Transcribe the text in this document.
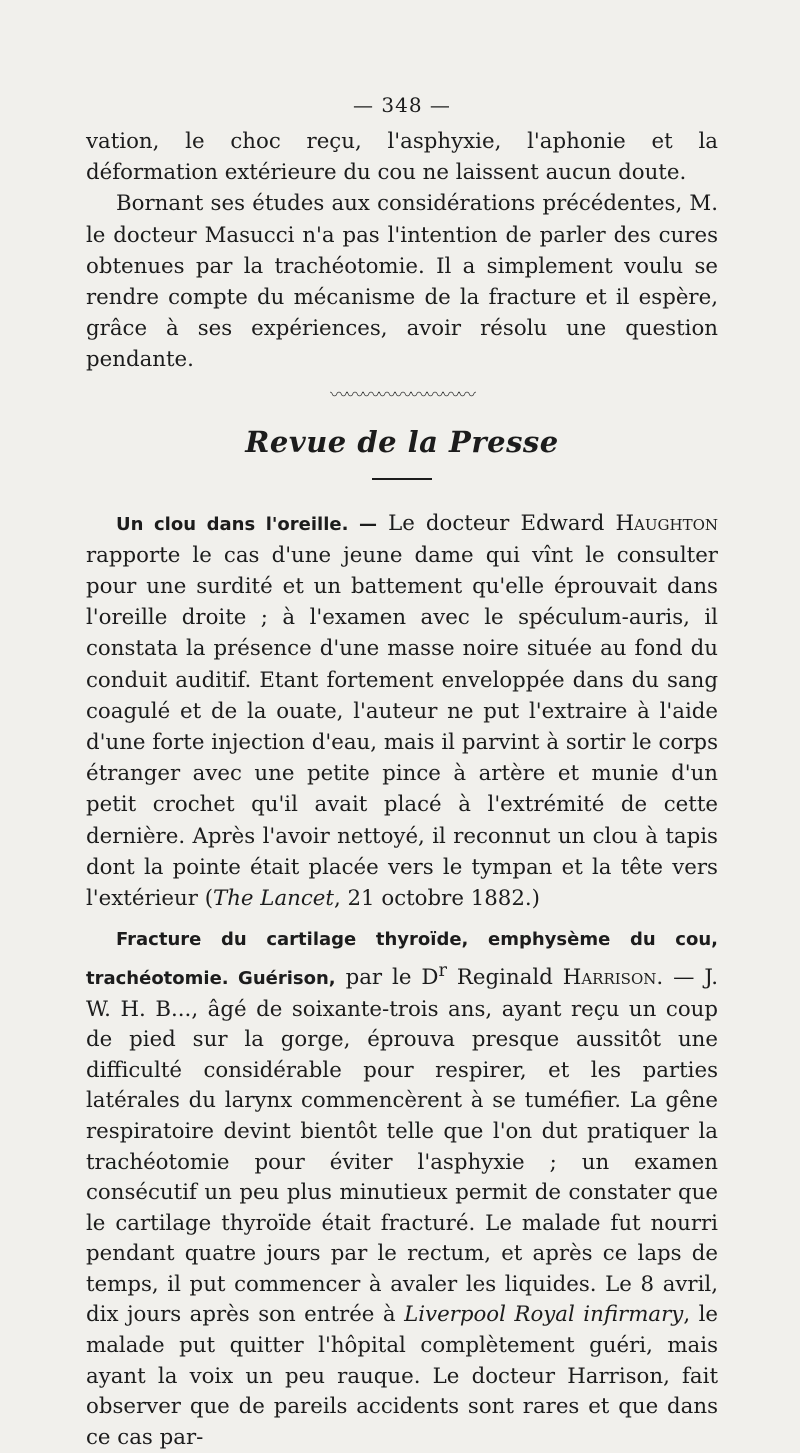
— 348 —

vation, le choc reçu, l'asphyxie, l'aphonie et la déformation extérieure du cou ne laissent aucun doute.

Bornant ses études aux considérations précédentes, M. le docteur Masucci n'a pas l'intention de parler des cures obtenues par la trachéotomie. Il a simplement voulu se rendre compte du mécanisme de la fracture et il espère, grâce à ses expériences, avoir résolu une question pendante.

〰〰〰〰〰〰〰〰〰
Revue de la Presse

Un clou dans l'oreille. — Le docteur Edward Haughton rapporte le cas d'une jeune dame qui vînt le consulter pour une surdité et un battement qu'elle éprouvait dans l'oreille droite ; à l'examen avec le spéculum-auris, il constata la présence d'une masse noire située au fond du conduit auditif. Etant fortement enveloppée dans du sang coagulé et de la ouate, l'auteur ne put l'extraire à l'aide d'une forte injection d'eau, mais il parvint à sortir le corps étranger avec une petite pince à artère et munie d'un petit crochet qu'il avait placé à l'extrémité de cette dernière. Après l'avoir nettoyé, il reconnut un clou à tapis dont la pointe était placée vers le tympan et la tête vers l'extérieur (The Lancet, 21 octobre 1882.)

Fracture du cartilage thyroïde, emphysème du cou, trachéotomie. Guérison, par le $D^r$ Reginald Harrison. — J. W. H. B..., âgé de soixante-trois ans, ayant reçu un coup de pied sur la gorge, éprouva presque aussitôt une difficulté considérable pour respirer, et les parties latérales du larynx commencèrent à se tuméfier. La gêne respiratoire devint bientôt telle que l'on dut pratiquer la trachéotomie pour éviter l'asphyxie ; un examen consécutif un peu plus minutieux permit de constater que le cartilage thyroïde était fracturé. Le malade fut nourri pendant quatre jours par le rectum, et après ce laps de temps, il put commencer à avaler les liquides. Le 8 avril, dix jours après son entrée à Liverpool Royal infirmary, le malade put quitter l'hôpital complètement guéri, mais ayant la voix un peu rauque. Le docteur Harrison, fait observer que de pareils accidents sont rares et que dans ce cas par-
